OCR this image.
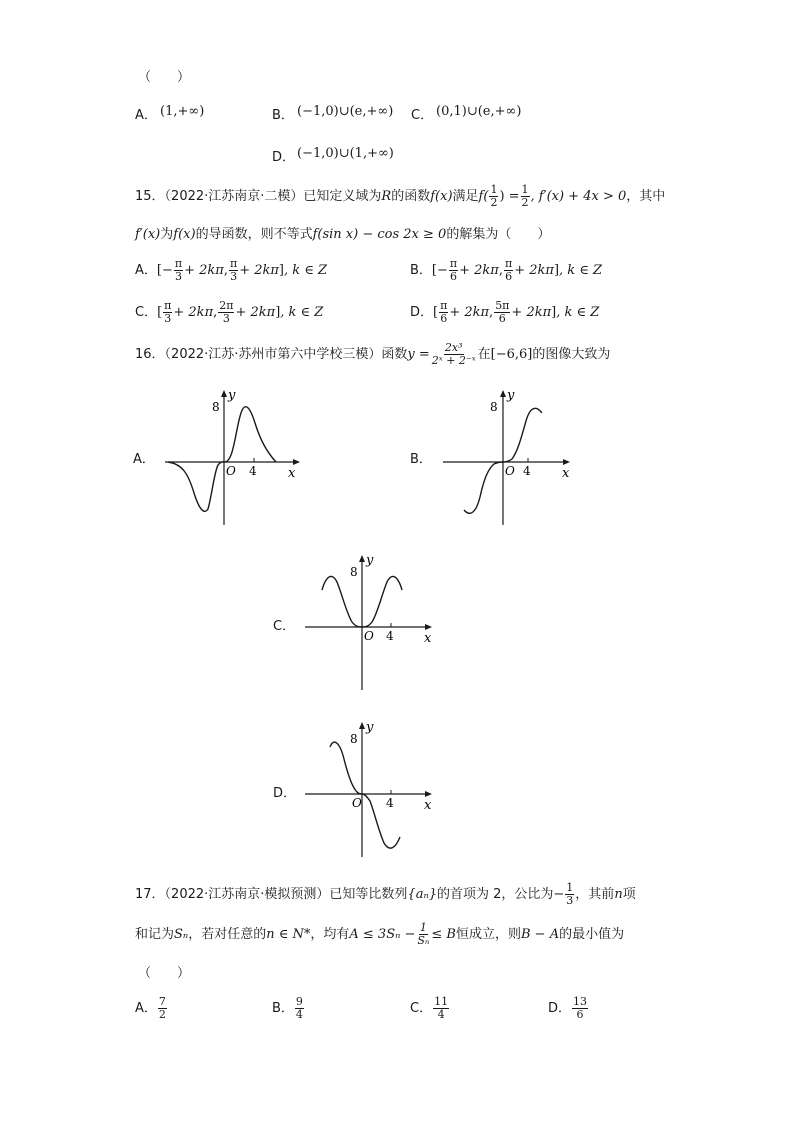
（　　）
A． (1,+∞)	B． (−1,0)∪(e,+∞) C． (0,1)∪(e,+∞)
D． (−1,0)∪(1,+∞)
15．（2022·江苏南京·二模）已知定义域为R的函数f(x)满足$f( \frac{1}{2}$ ) = $\frac{1}{2}$ , f′(x) + 4x > 0，其中
f′(x)为f(x)的导函数，则不等式f(sin x) − cos 2x ≥ 0的解集为（　　）
A．[− $\frac{\pi}{3} + 2k\pi$, $\frac{\pi}{3} + 2k\pi$], k ∈ Z	B．[− $\frac{\pi}{6} + 2k\pi$, $\frac{\pi}{6} + 2k\pi$], k ∈ Z
C．[ $\frac{\pi}{3} + 2k\pi$, $\frac{2\pi}{3} + 2k\pi$], k ∈ Z	D．[ $\frac{\pi}{6} + 2k\pi$, $\frac{5\pi}{6} + 2k\pi$], k ∈ Z
16．（2022·江苏·苏州市第六中学校三模）函数$y = \frac{\text{2x³}}{\text{2ˣ + 2⁻ˣ}}$ 在[−6,6]的图像大致为
A．	B．
C．
D．
8
y
x
O 4
8
y
x
O 4
8
y
x
O 4
8
y
x
O 4
17．（2022·江苏南京·模拟预测）已知等比数列{aₙ}的首项为 2，公比为− $\frac{1}{3}$ ，其前n项
和记为Sₙ，若对任意的n ∈ N*，均有$A \le 3S_n - \frac{1}{\text{Sₙ}} \le B$恒成立，则B − A的最小值为
（　　）
A． $\frac{7}{2}$	B． $\frac{9}{4}$	C． $\frac{11}{4}$	D． $\frac{13}{6}$
